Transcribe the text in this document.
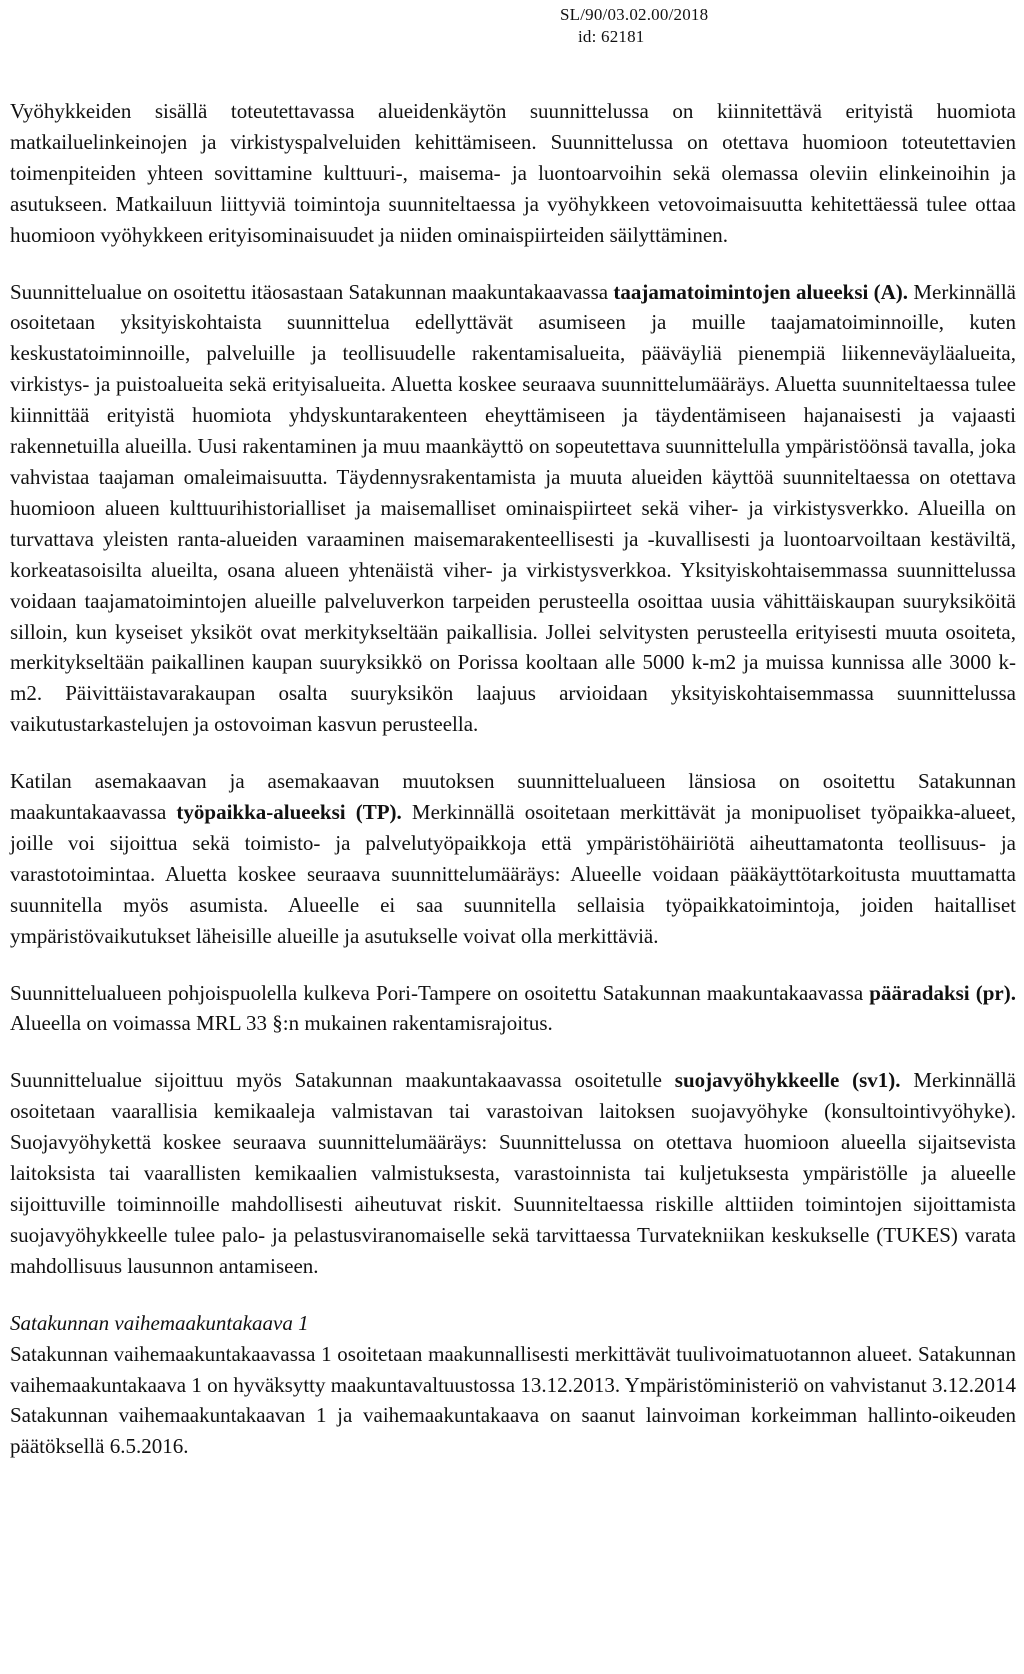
SL/90/03.02.00/2018
id: 62181

Vyöhykkeiden sisällä toteutettavassa alueidenkäytön suunnittelussa on kiinnitettävä erityistä huomiota matkailuelinkeinojen ja virkistyspalveluiden kehittämiseen. Suunnittelussa on otettava huomioon toteutettavien toimenpiteiden yhteen sovittamine kulttuuri-, maisema- ja luontoarvoihin sekä olemassa oleviin elinkeinoihin ja asutukseen. Matkailuun liittyviä toimintoja suunniteltaessa ja vyöhykkeen vetovoimaisuutta kehitettäessä tulee ottaa huomioon vyöhykkeen erityisominaisuudet ja niiden ominaispiirteiden säilyttäminen.

Suunnittelualue on osoitettu itäosastaan Satakunnan maakuntakaavassa taajamatoimintojen alueeksi (A). Merkinnällä osoitetaan yksityiskohtaista suunnittelua edellyttävät asumiseen ja muille taajamatoiminnoille, kuten keskustatoiminnoille, palveluille ja teollisuudelle rakentamisalueita, pääväyliä pienempiä liikenneväyläalueita, virkistys- ja puistoalueita sekä erityisalueita. Aluetta koskee seuraava suunnittelumääräys. Aluetta suunniteltaessa tulee kiinnittää erityistä huomiota yhdyskuntarakenteen eheyttämiseen ja täydentämiseen hajanaisesti ja vajaasti rakennetuilla alueilla. Uusi rakentaminen ja muu maankäyttö on sopeutettava suunnittelulla ympäristöönsä tavalla, joka vahvistaa taajaman omaleimaisuutta. Täydennysrakentamista ja muuta alueiden käyttöä suunniteltaessa on otettava huomioon alueen kulttuurihistorialliset ja maisemalliset ominaispiirteet sekä viher- ja virkistysverkko. Alueilla on turvattava yleisten ranta-alueiden varaaminen maisemarakenteellisesti ja -kuvallisesti ja luontoarvoiltaan kestäviltä, korkeatasoisilta alueilta, osana alueen yhtenäistä viher- ja virkistysverkkoa. Yksityiskohtaisemmassa suunnittelussa voidaan taajamatoimintojen alueille palveluverkon tarpeiden perusteella osoittaa uusia vähittäiskaupan suuryksiköitä silloin, kun kyseiset yksiköt ovat merkitykseltään paikallisia. Jollei selvitysten perusteella erityisesti muuta osoiteta, merkitykseltään paikallinen kaupan suuryksikkö on Porissa kooltaan alle 5000 k-m2 ja muissa kunnissa alle 3000 k-m2. Päivittäistavarakaupan osalta suuryksikön laajuus arvioidaan yksityiskohtaisemmassa suunnittelussa vaikutustarkastelujen ja ostovoiman kasvun perusteella.

Katilan asemakaavan ja asemakaavan muutoksen suunnittelualueen länsiosa on osoitettu Satakunnan maakuntakaavassa työpaikka-alueeksi (TP). Merkinnällä osoitetaan merkittävät ja monipuoliset työpaikka-alueet, joille voi sijoittua sekä toimisto- ja palvelutyöpaikkoja että ympäristöhäiriötä aiheuttamatonta teollisuus- ja varastotoimintaa. Aluetta koskee seuraava suunnittelumääräys: Alueelle voidaan pääkäyttötarkoitusta muuttamatta suunnitella myös asumista. Alueelle ei saa suunnitella sellaisia työpaikkatoimintoja, joiden haitalliset ympäristövaikutukset läheisille alueille ja asutukselle voivat olla merkittäviä.

Suunnittelualueen pohjoispuolella kulkeva Pori-Tampere on osoitettu Satakunnan maakuntakaavassa pääradaksi (pr). Alueella on voimassa MRL 33 §:n mukainen rakentamisrajoitus.

Suunnittelualue sijoittuu myös Satakunnan maakuntakaavassa osoitetulle suojavyöhykkeelle (sv1). Merkinnällä osoitetaan vaarallisia kemikaaleja valmistavan tai varastoivan laitoksen suojavyöhyke (konsultointivyöhyke). Suojavyöhykettä koskee seuraava suunnittelumääräys: Suunnittelussa on otettava huomioon alueella sijaitsevista laitoksista tai vaarallisten kemikaalien valmistuksesta, varastoinnista tai kuljetuksesta ympäristölle ja alueelle sijoittuville toiminnoille mahdollisesti aiheutuvat riskit. Suunniteltaessa riskille alttiiden toimintojen sijoittamista suojavyöhykkeelle tulee palo- ja pelastusviranomaiselle sekä tarvittaessa Turvatekniikan keskukselle (TUKES) varata mahdollisuus lausunnon antamiseen.

Satakunnan vaihemaakuntakaava 1

Satakunnan vaihemaakuntakaavassa 1 osoitetaan maakunnallisesti merkittävät tuulivoimatuotannon alueet. Satakunnan vaihemaakuntakaava 1 on hyväksytty maakuntavaltuustossa 13.12.2013. Ympäristöministeriö on vahvistanut 3.12.2014 Satakunnan vaihemaakuntakaavan 1 ja vaihemaakuntakaava on saanut lainvoiman korkeimman hallinto-oikeuden päätöksellä 6.5.2016.
